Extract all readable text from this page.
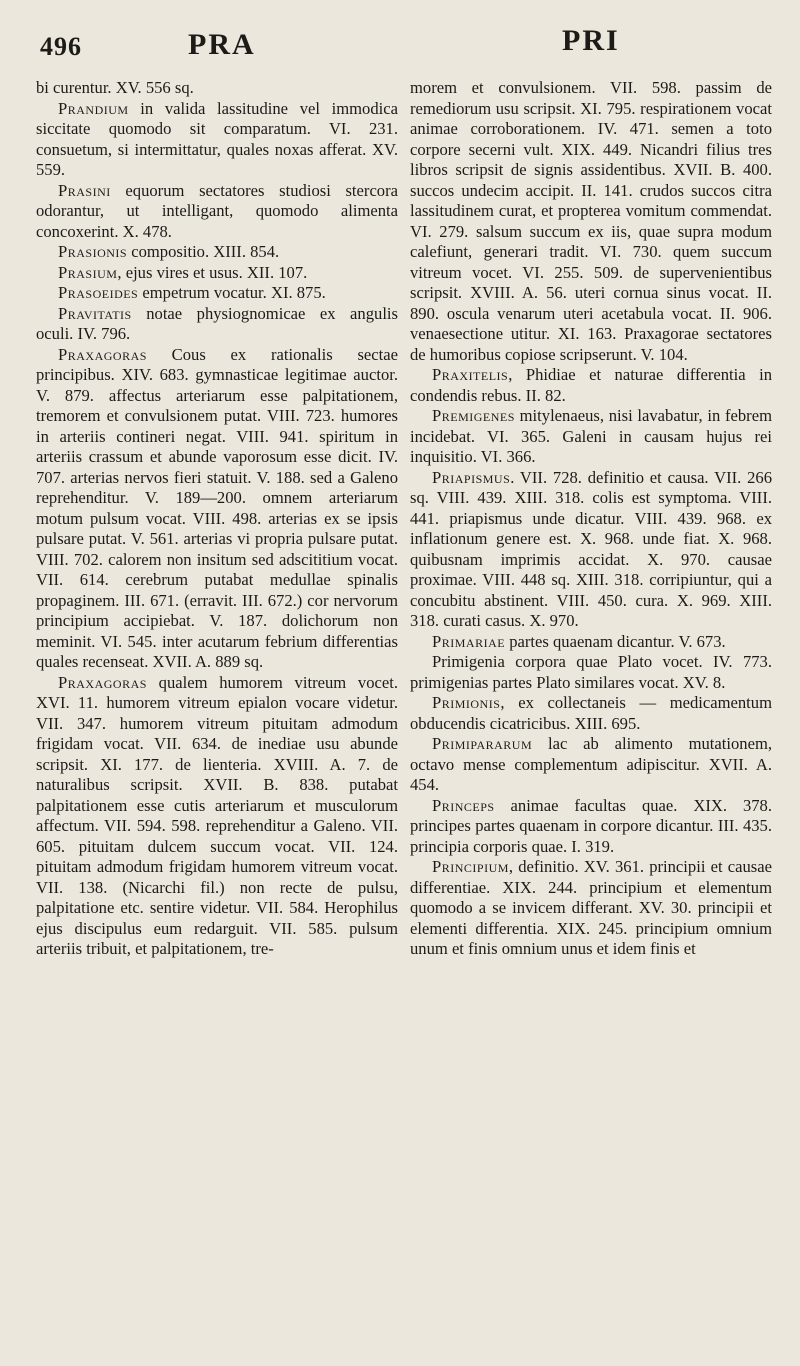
496	PRA	PRI

bi curentur. XV. 556 sq.

Prandium in valida lassitudine vel immodica siccitate quomodo sit comparatum. VI. 231. consuetum, si intermittatur, quales noxas afferat. XV. 559.

Prasini equorum sectatores studiosi stercora odorantur, ut intelligant, quomodo alimenta concoxerint. X. 478.

Prasionis compositio. XIII. 854.

Prasium, ejus vires et usus. XII. 107.

Prasoeides empetrum vocatur. XI. 875.

Pravitatis notae physiognomicae ex angulis oculi. IV. 796.

Praxagoras Cous ex rationalis sectae principibus. XIV. 683. gymnasticae legitimae auctor. V. 879. affectus arteriarum esse palpitationem, tremorem et convulsionem putat. VIII. 723. humores in arteriis contineri negat. VIII. 941. spiritum in arteriis crassum et abunde vaporosum esse dicit. IV. 707. arterias nervos fieri statuit. V. 188. sed a Galeno reprehenditur. V. 189—200. omnem arteriarum motum pulsum vocat. VIII. 498. arterias ex se ipsis pulsare putat. V. 561. arterias vi propria pulsare putat. VIII. 702. calorem non insitum sed adscititium vocat. VII. 614. cerebrum putabat medullae spinalis propaginem. III. 671. (erravit. III. 672.) cor nervorum principium accipiebat. V. 187. dolichorum non meminit. VI. 545. inter acutarum febrium differentias quales recenseat. XVII. A. 889 sq.

Praxagoras qualem humorem vitreum vocet. XVI. 11. humorem vitreum epialon vocare videtur. VII. 347. humorem vitreum pituitam admodum frigidam vocat. VII. 634. de inediae usu abunde scripsit. XI. 177. de lienteria. XVIII. A. 7. de naturalibus scripsit. XVII. B. 838. putabat palpitationem esse cutis arteriarum et musculorum affectum. VII. 594. 598. reprehenditur a Galeno. VII. 605. pituitam dulcem succum vocat. VII. 124. pituitam admodum frigidam humorem vitreum vocat. VII. 138. (Nicarchi fil.) non recte de pulsu, palpitatione etc. sentire videtur. VII. 584. Herophilus ejus discipulus eum redarguit. VII. 585. pulsum arteriis tribuit, et palpitationem, tre-

morem et convulsionem. VII. 598. passim de remediorum usu scripsit. XI. 795. respirationem vocat animae corroborationem. IV. 471. semen a toto corpore secerni vult. XIX. 449. Nicandri filius tres libros scripsit de signis assidentibus. XVII. B. 400. succos undecim accipit. II. 141. crudos succos citra lassitudinem curat, et propterea vomitum commendat. VI. 279. salsum succum ex iis, quae supra modum calefiunt, generari tradit. VI. 730. quem succum vitreum vocet. VI. 255. 509. de supervenientibus scripsit. XVIII. A. 56. uteri cornua sinus vocat. II. 890. oscula venarum uteri acetabula vocat. II. 906. venaesectione utitur. XI. 163. Praxagorae sectatores de humoribus copiose scripserunt. V. 104.

Praxitelis, Phidiae et naturae differentia in condendis rebus. II. 82.

Premigenes mitylenaeus, nisi lavabatur, in febrem incidebat. VI. 365. Galeni in causam hujus rei inquisitio. VI. 366.

Priapismus. VII. 728. definitio et causa. VII. 266 sq. VIII. 439. XIII. 318. colis est symptoma. VIII. 441. priapismus unde dicatur. VIII. 439. 968. ex inflationum genere est. X. 968. unde fiat. X. 968. quibusnam imprimis accidat. X. 970. causae proximae. VIII. 448 sq. XIII. 318. corripiuntur, qui a concubitu abstinent. VIII. 450. cura. X. 969. XIII. 318. curati casus. X. 970.

Primariae partes quaenam dicantur. V. 673.

Primigenia corpora quae Plato vocet. IV. 773. primigenias partes Plato similares vocat. XV. 8.

Primionis, ex collectaneis — medicamentum obducendis cicatricibus. XIII. 695.

Primipararum lac ab alimento mutationem, octavo mense complementum adipiscitur. XVII. A. 454.

Princeps animae facultas quae. XIX. 378. principes partes quaenam in corpore dicantur. III. 435. principia corporis quae. I. 319.

Principium, definitio. XV. 361. principii et causae differentiae. XIX. 244. principium et elementum quomodo a se invicem differant. XV. 30. principii et elementi differentia. XIX. 245. principium omnium unum et finis omnium unus et idem finis et
